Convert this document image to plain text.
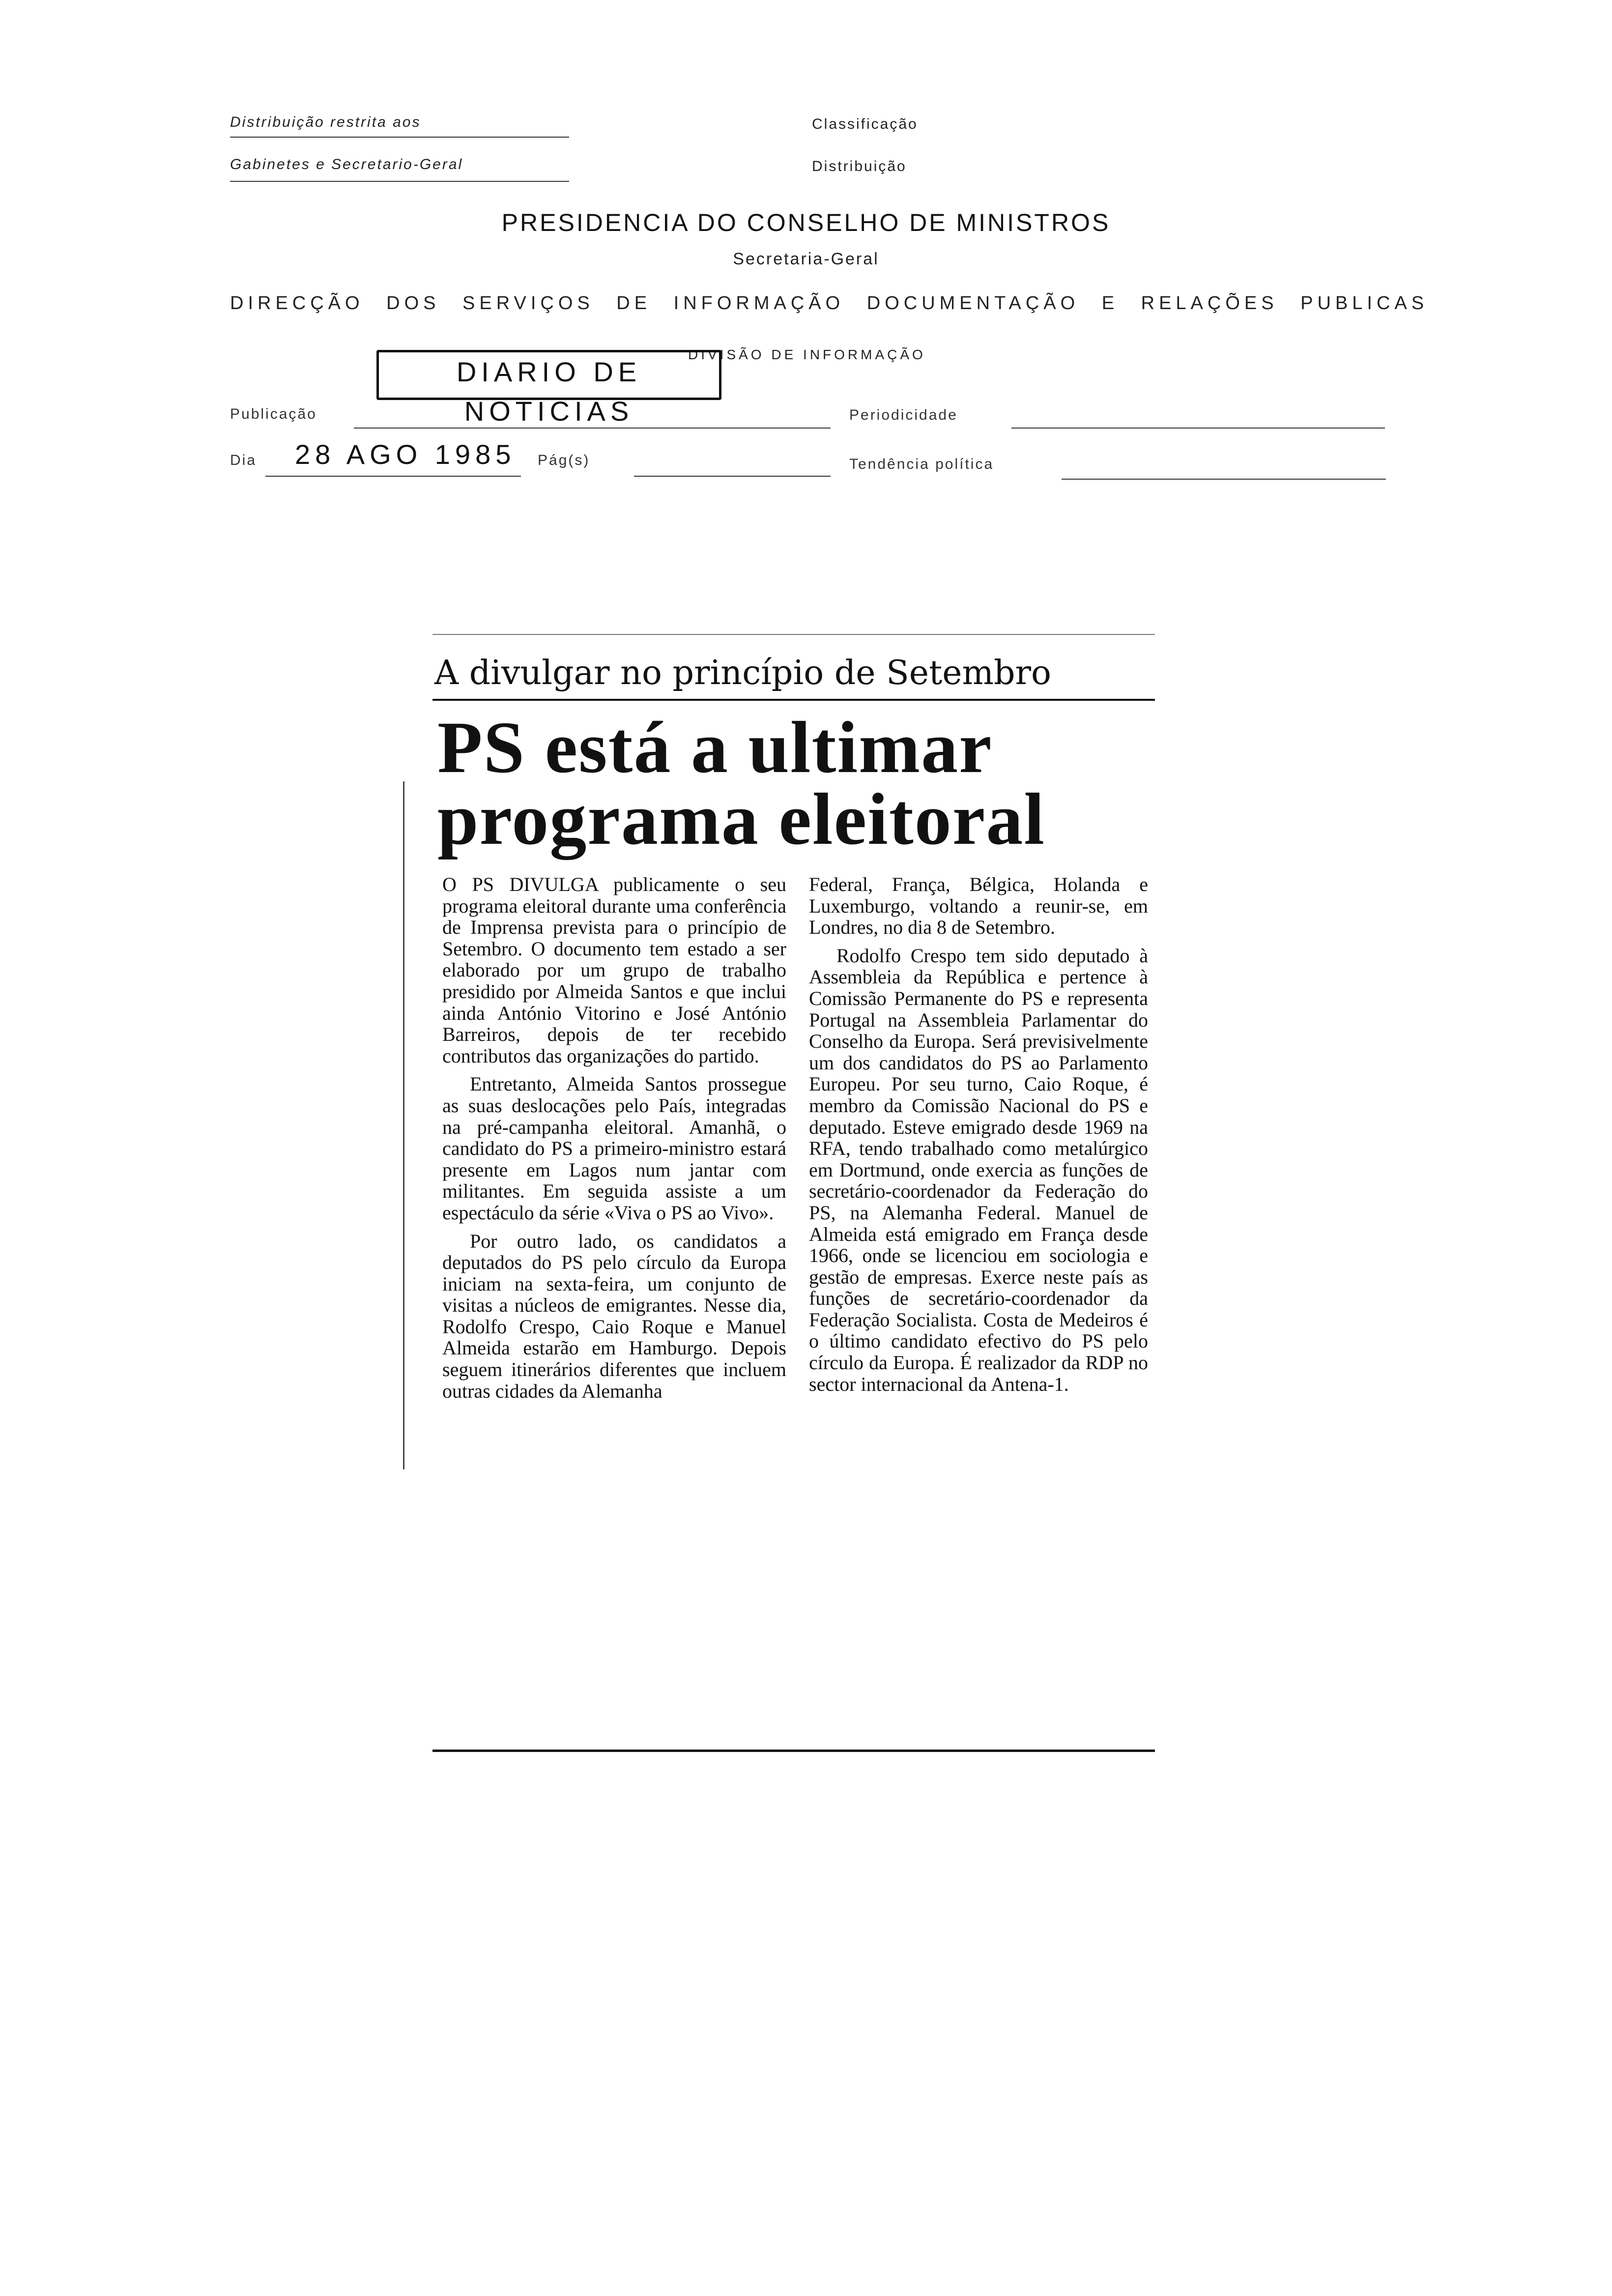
Distribuição restrita aos
Gabinetes e Secretario-Geral
Classificação
Distribuição
PRESIDENCIA DO CONSELHO DE MINISTROS
Secretaria-Geral
DIRECÇÃO DOS SERVIÇOS DE INFORMAÇÃO DOCUMENTAÇÃO E RELAÇÕES PUBLICAS
DIVISÃO DE INFORMAÇÃO
DIARIO DE NOTICIAS
Publicação	Periodicidade
Dia 28 AGO 1985 Pág(s)	Tendência política
A divulgar no princípio de Setembro
PS está a ultimar
programa eleitoral

O PS DIVULGA publicamente o seu programa eleitoral durante uma conferência de Imprensa prevista para o princípio de Setembro. O documento tem estado a ser elaborado por um grupo de trabalho presidido por Almeida Santos e que inclui ainda António Vitorino e José António Barreiros, depois de ter recebido contributos das organizações do partido.

Entretanto, Almeida Santos prossegue as suas deslocações pelo País, integradas na pré-campanha eleitoral. Amanhã, o candidato do PS a primeiro-ministro estará presente em Lagos num jantar com militantes. Em seguida assiste a um espectáculo da série «Viva o PS ao Vivo».

Por outro lado, os candidatos a deputados do PS pelo círculo da Europa iniciam na sexta-feira, um conjunto de visitas a núcleos de emigrantes. Nesse dia, Rodolfo Crespo, Caio Roque e Manuel Almeida estarão em Hamburgo. Depois seguem itinerários diferentes que incluem outras cidades da Alemanha

Federal, França, Bélgica, Holanda e Luxemburgo, voltando a reunir-se, em Londres, no dia 8 de Setembro.

Rodolfo Crespo tem sido deputado à Assembleia da República e pertence à Comissão Permanente do PS e representa Portugal na Assembleia Parlamentar do Conselho da Europa. Será previsivelmente um dos candidatos do PS ao Parlamento Europeu. Por seu turno, Caio Roque, é membro da Comissão Nacional do PS e deputado. Esteve emigrado desde 1969 na RFA, tendo trabalhado como metalúrgico em Dortmund, onde exercia as funções de secretário-coordenador da Federação do PS, na Alemanha Federal. Manuel de Almeida está emigrado em França desde 1966, onde se licenciou em sociologia e gestão de empresas. Exerce neste país as funções de secretário-coordenador da Federação Socialista. Costa de Medeiros é o último candidato efectivo do PS pelo círculo da Europa. É realizador da RDP no sector internacional da Antena-1.
